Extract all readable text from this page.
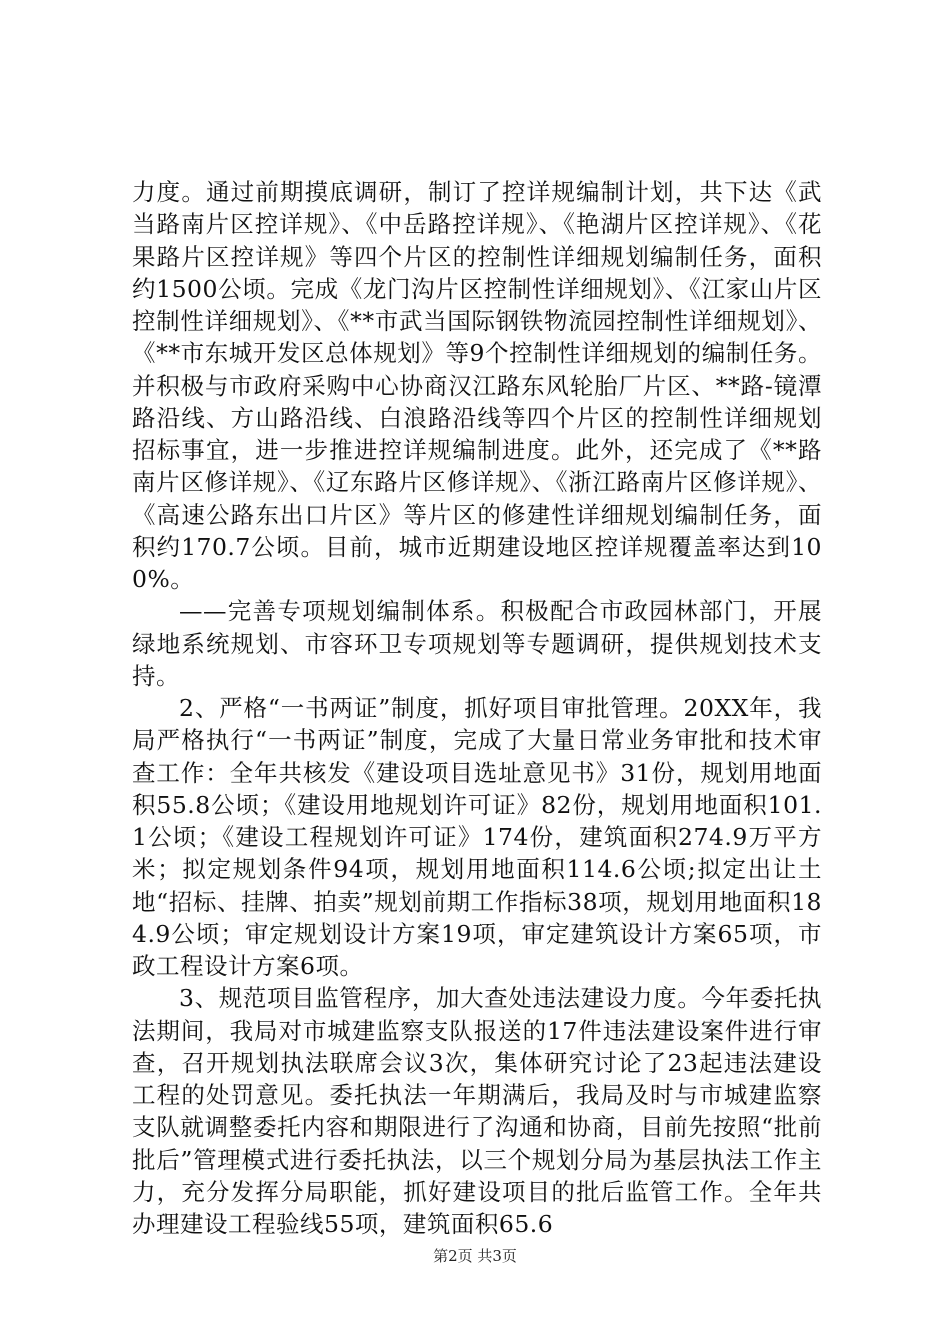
力度。通过前期摸底调研，制订了控详规编制计划，共下达《武当路南片区控详规》、《中岳路控详规》、《艳湖片区控详规》、《花果路片区控详规》等四个片区的控制性详细规划编制任务，面积约1500公顷。完成《龙门沟片区控制性详细规划》、《江家山片区控制性详细规划》、《**市武当国际钢铁物流园控制性详细规划》、《**市东城开发区总体规划》等9个控制性详细规划的编制任务。并积极与市政府采购中心协商汉江路东风轮胎厂片区、**路-镜潭路沿线、方山路沿线、白浪路沿线等四个片区的控制性详细规划招标事宜，进一步推进控详规编制进度。此外，还完成了《**路南片区修详规》、《辽东路片区修详规》、《浙江路南片区修详规》、《高速公路东出口片区》等片区的修建性详细规划编制任务，面积约170.7公顷。目前，城市近期建设地区控详规覆盖率达到100%。

——完善专项规划编制体系。积极配合市政园林部门，开展绿地系统规划、市容环卫专项规划等专题调研，提供规划技术支持。

2、严格“一书两证”制度，抓好项目审批管理。20XX年，我局严格执行“一书两证”制度，完成了大量日常业务审批和技术审查工作：全年共核发《建设项目选址意见书》31份，规划用地面积55.8公顷；《建设用地规划许可证》82份，规划用地面积101.1公顷；《建设工程规划许可证》174份，建筑面积274.9万平方米；拟定规划条件94项，规划用地面积114.6公顷;拟定出让土地“招标、挂牌、拍卖”规划前期工作指标38项，规划用地面积184.9公顷；审定规划设计方案19项，审定建筑设计方案65项，市政工程设计方案6项。

3、规范项目监管程序，加大查处违法建设力度。今年委托执法期间，我局对市城建监察支队报送的17件违法建设案件进行审查，召开规划执法联席会议3次，集体研究讨论了23起违法建设工程的处罚意见。委托执法一年期满后，我局及时与市城建监察支队就调整委托内容和期限进行了沟通和协商，目前先按照“批前批后”管理模式进行委托执法，以三个规划分局为基层执法工作主力，充分发挥分局职能，抓好建设项目的批后监管工作。全年共办理建设工程验线55项，建筑面积65.6

第2页 共3页
